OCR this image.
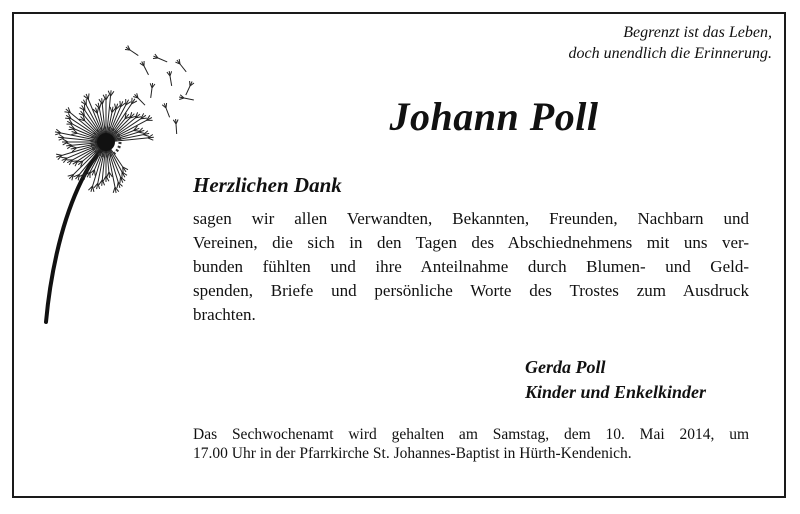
Begrenzt ist das Leben,
doch unendlich die Erinnerung.
Johann Poll
Herzlichen Dank
sagen wir allen Verwandten, Bekannten, Freunden, Nachbarn und
Vereinen, die sich in den Tagen des Abschiednehmens mit uns ver-
bunden fühlten und ihre Anteilnahme durch Blumen- und Geld-
spenden, Briefe und persönliche Worte des Trostes zum Ausdruck
brachten.
Gerda Poll
Kinder und Enkelkinder
Das Sechwochenamt wird gehalten am Samstag, dem 10. Mai 2014, um
17.00 Uhr in der Pfarrkirche St. Johannes-Baptist in Hürth-Kendenich.
